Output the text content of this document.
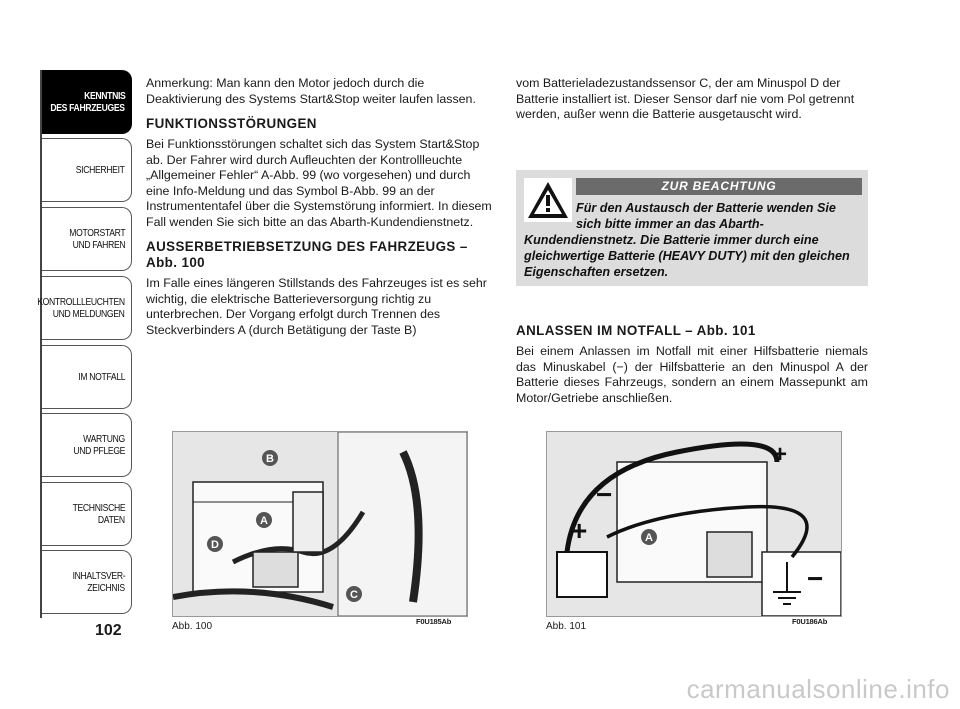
KENNTNIS
DES FAHRZEUGES
SICHERHEIT
MOTORSTART
UND FAHREN
KONTROLLLEUCHTEN
UND MELDUNGEN
IM NOTFALL
WARTUNG
UND PFLEGE
TECHNISCHE
DATEN
INHALTSVER-
ZEICHNIS
102

Anmerkung: Man kann den Motor jedoch durch die Deaktivierung des Systems Start&Stop weiter laufen lassen.

FUNKTIONSSTÖRUNGEN

Bei Funktionsstörungen schaltet sich das System Start&Stop ab. Der Fahrer wird durch Aufleuchten der Kontrollleuchte „Allgemeiner Fehler“ A-Abb. 99 (wo vorgesehen) und durch eine Info-Meldung und das Symbol B-Abb. 99 an der Instrumententafel über die Systemstörung informiert. In diesem Fall wenden Sie sich bitte an das Abarth-Kundendienstnetz.

AUSSERBETRIEBSETZUNG DES FAHRZEUGS – Abb. 100

Im Falle eines längeren Stillstands des Fahrzeuges ist es sehr wichtig, die elektrische Batterieversorgung richtig zu unterbrechen. Der Vorgang erfolgt durch Trennen des Steckverbinders A (durch Betätigung der Taste B)

vom Batterieladezustandssensor C, der am Minuspol D der Batterie installiert ist. Dieser Sensor darf nie vom Pol getrennt werden, außer wenn die Batterie ausgetauscht wird.

ZUR BEACHTUNG
Für den Austausch der Batterie wenden Sie sich bitte immer an das Abarth-
Kundendienstnetz. Die Batterie immer durch eine gleichwertige Batterie (HEAVY DUTY) mit den gleichen Eigenschaften ersetzen.
ANLASSEN IM NOTFALL – Abb. 101

Bei einem Anlassen im Notfall mit einer Hilfsbatterie niemals das Minuskabel (−) der Hilfsbatterie an den Minuspol A der Batterie dieses Fahrzeugs, sondern an einem Massepunkt am Motor/Getriebe anschließen.

B
A
D
C
Abb. 100	F0U185Ab
+
−
+
−
A
Abb. 101	F0U186Ab
carmanualsonline.info
